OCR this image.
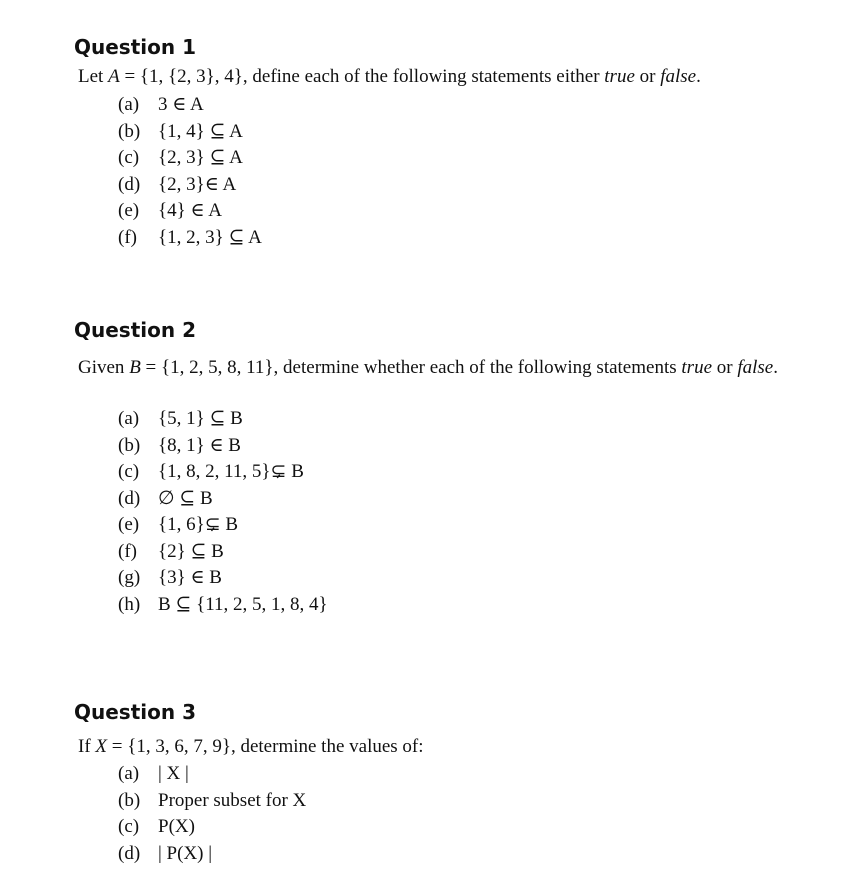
Question 1

Let A = {1, {2, 3}, 4}, define each of the following statements either true or false.

(a) 3 ∈ A
(b) {1, 4} ⊆ A
(c) {2, 3} ⊆ A
(d) {2, 3}∈ A
(e) {4} ∈ A
(f) {1, 2, 3} ⊆ A
Question 2

Given B = {1, 2, 5, 8, 11}, determine whether each of the following statements true or false.

(a) {5, 1} ⊆ B
(b) {8, 1} ∈ B
(c) {1, 8, 2, 11, 5}⊊ B
(d) ∅ ⊆ B
(e) {1, 6}⊊ B
(f) {2} ⊆ B
(g) {3} ∈ B
(h) B ⊆ {11, 2, 5, 1, 8, 4}
Question 3

If X = {1, 3, 6, 7, 9}, determine the values of:

(a) | X |
(b) Proper subset for X
(c) P(X)
(d) | P(X) |
